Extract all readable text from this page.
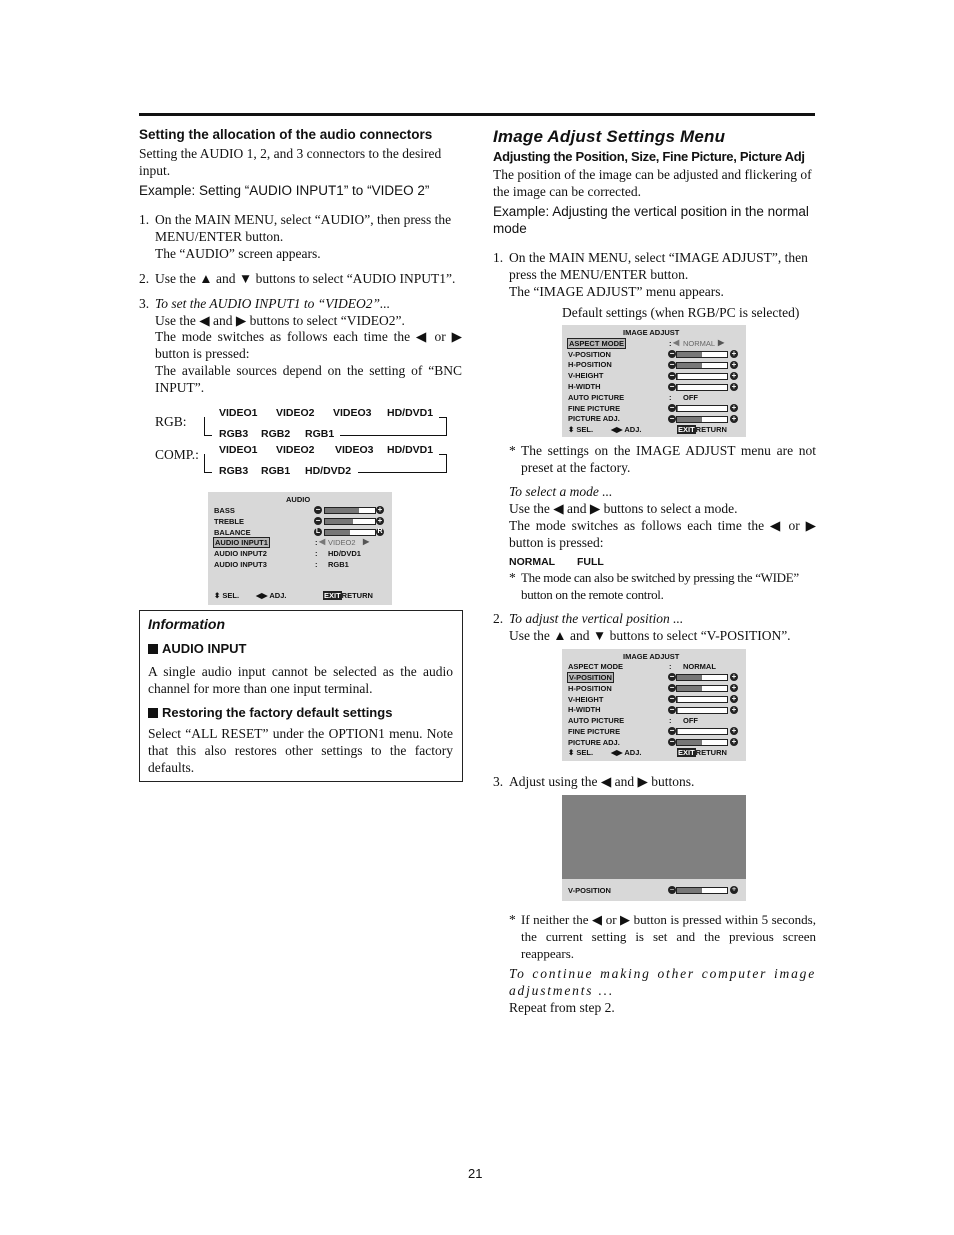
Setting the allocation of the audio connectors
Setting the AUDIO 1, 2, and 3 connectors to the desired input.
Example: Setting “AUDIO INPUT1” to “VIDEO 2”
1. On the MAIN MENU, select “AUDIO”, then press the MENU/ENTER button.
The “AUDIO” screen appears.
2. Use the ▲ and ▼ buttons to select “AUDIO INPUT1”.
3. To set the AUDIO INPUT1 to “VIDEO2”...
Use the ◀ and ▶ buttons to select “VIDEO2”.
The mode switches as follows each time the ◀ or ▶ button is pressed:
The available sources depend on the setting of “BNC INPUT”.
RGB:
VIDEO1 VIDEO2 VIDEO3 HD/DVD1
RGB3 RGB2 RGB1
COMP.: VIDEO1 VIDEO2 VIDEO3 HD/DVD1
RGB3 RGB1 HD/DVD2
AUDIO
BASS	−	+
TREBLE	−	+
BALANCE	L	R
AUDIO INPUT1	: ◀ VIDEO2 ▶
AUDIO INPUT2	: HD/DVD1
AUDIO INPUT3	: RGB1
⬍ SEL. ◀▶ ADJ.	EXITRETURN
Information
AUDIO INPUT
A single audio input cannot be selected as the audio channel for more than one input terminal.
Restoring the factory default settings
Select “ALL RESET” under the OPTION1 menu. Note that this also restores other settings to the factory defaults.
Image Adjust Settings Menu
Adjusting the Position, Size, Fine Picture, Picture Adj
The position of the image can be adjusted and flickering of the image can be corrected.
Example: Adjusting the vertical position in the normal mode
1. On the MAIN MENU, select “IMAGE ADJUST”, then press the MENU/ENTER button.
The “IMAGE ADJUST” menu appears.
Default settings (when RGB/PC is selected)
IMAGE ADJUST
ASPECT MODE	: ◀ NORMAL ▶
V-POSITION	−	+
H-POSITION	−	+
V-HEIGHT	−	+
H-WIDTH	−	+
AUTO PICTURE	: OFF
FINE PICTURE	−	+
PICTURE ADJ.	−	+
⬍ SEL. ◀▶ ADJ.	EXITRETURN
* The settings on the IMAGE ADJUST menu are not preset at the factory.
To select a mode ...
Use the ◀ and ▶ buttons to select a mode.
The mode switches as follows each time the ◀ or ▶ button is pressed:
NORMAL FULL
* The mode can also be switched by pressing the “WIDE” button on the remote control.
2. To adjust the vertical position ...
Use the ▲ and ▼ buttons to select “V-POSITION”.
IMAGE ADJUST
ASPECT MODE	: NORMAL
V-POSITION	−	+
H-POSITION	−	+
V-HEIGHT	−	+
H-WIDTH	−	+
AUTO PICTURE	: OFF
FINE PICTURE	−	+
PICTURE ADJ.	−	+
⬍ SEL. ◀▶ ADJ.	EXITRETURN
3. Adjust using the ◀ and ▶ buttons.
V-POSITION	−	+
* If neither the ◀ or ▶ button is pressed within 5 seconds, the current setting is set and the previous screen reappears.
To continue making other computer image adjustments ...
Repeat from step 2.
21
